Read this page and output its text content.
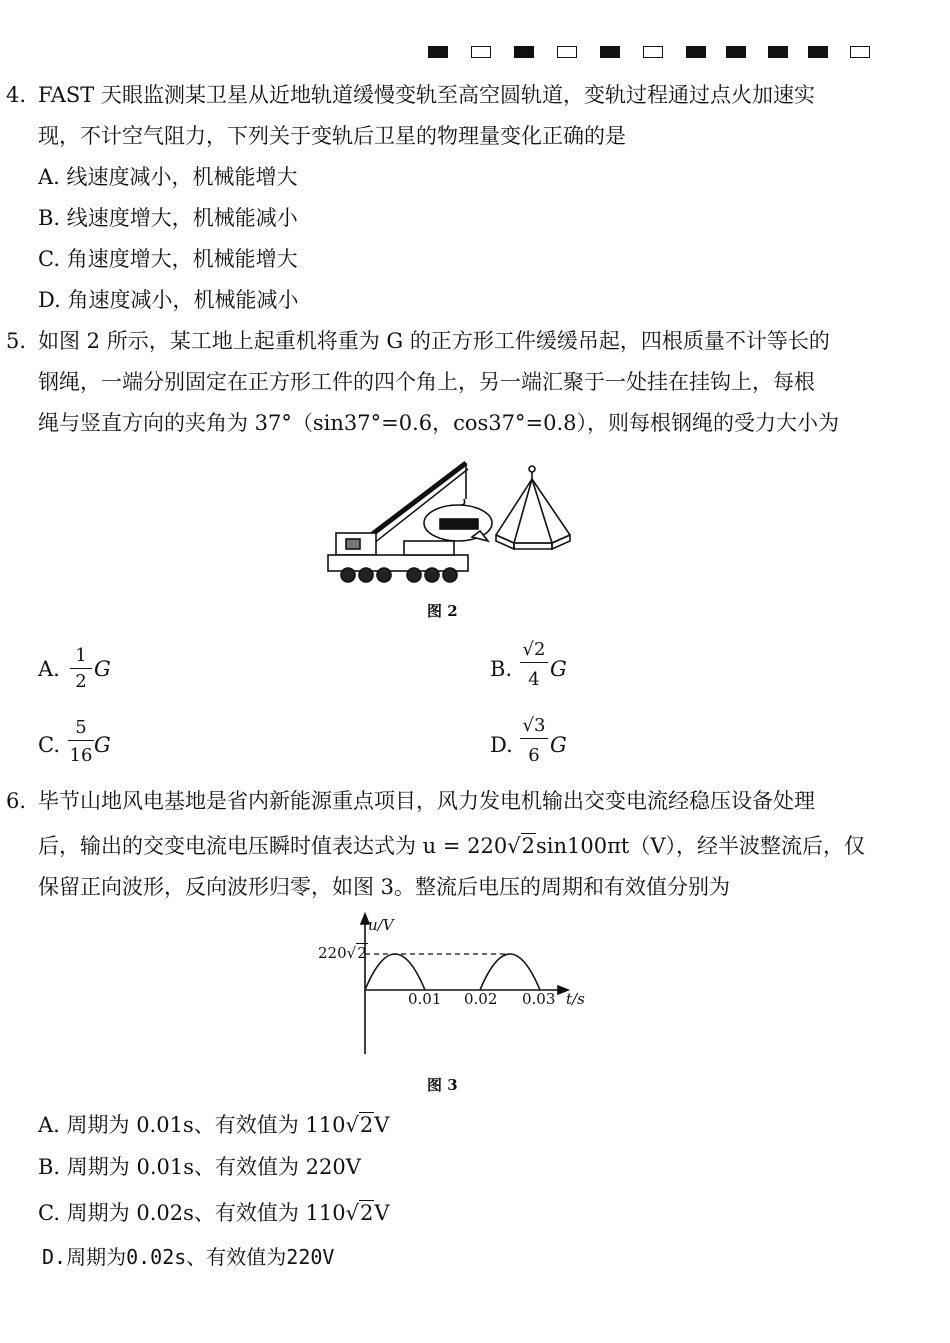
4. FAST 天眼监测某卫星从近地轨道缓慢变轨至高空圆轨道，变轨过程通过点火加速实
现，不计空气阻力，下列关于变轨后卫星的物理量变化正确的是
A. 线速度减小，机械能增大
B. 线速度增大，机械能减小
C. 角速度增大，机械能增大
D. 角速度减小，机械能减小
5. 如图 2 所示，某工地上起重机将重为 G 的正方形工件缓缓吊起，四根质量不计等长的
钢绳，一端分别固定在正方形工件的四个角上，另一端汇聚于一处挂在挂钩上，每根
绳与竖直方向的夹角为 37°（sin37°=0.6，cos37°=0.8），则每根钢绳的受力大小为
图 2
A.
1
2
G	B.
√2
4 G
C.
5
16 G	D.
√3
6 G
6. 毕节山地风电基地是省内新能源重点项目，风力发电机输出交变电流经稳压设备处理
后，输出的交变电流电压瞬时值表达式为 u = 220√2sin100πt（V），经半波整流后，仅
保留正向波形，反向波形归零，如图 3。整流后电压的周期和有效值分别为
u/V
220√2
0.01 0.02 0.03 t/s
图 3
A. 周期为 0.01s、有效值为 110√2V
B. 周期为 0.01s、有效值为 220V
C. 周期为 0.02s、有效值为 110√2V
D.周期为0.02s、有效值为220V
